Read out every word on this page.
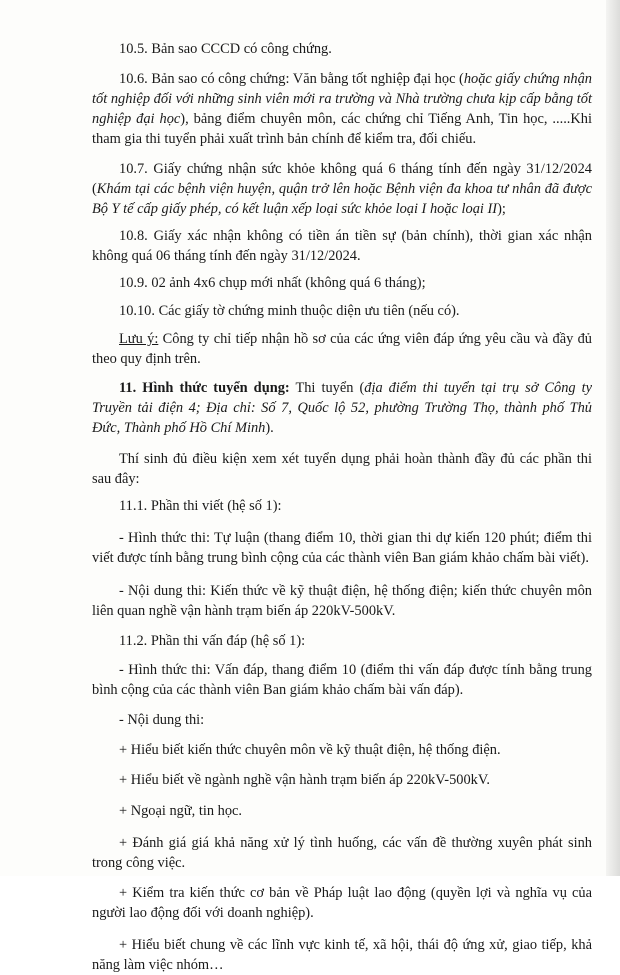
10.5. Bản sao CCCD có công chứng.

10.6. Bản sao có công chứng: Văn bằng tốt nghiệp đại học (hoặc giấy chứng nhận tốt nghiệp đối với những sinh viên mới ra trường và Nhà trường chưa kịp cấp bằng tốt nghiệp đại học), bảng điểm chuyên môn, các chứng chỉ Tiếng Anh, Tin học, .....Khi tham gia thi tuyển phải xuất trình bản chính để kiểm tra, đối chiếu.

10.7. Giấy chứng nhận sức khỏe không quá 6 tháng tính đến ngày 31/12/2024 (Khám tại các bệnh viện huyện, quận trở lên hoặc Bệnh viện đa khoa tư nhân đã được Bộ Y tế cấp giấy phép, có kết luận xếp loại sức khỏe loại I hoặc loại II);

10.8. Giấy xác nhận không có tiền án tiền sự (bản chính), thời gian xác nhận không quá 06 tháng tính đến ngày 31/12/2024.

10.9. 02 ảnh 4x6 chụp mới nhất (không quá 6 tháng);

10.10. Các giấy tờ chứng minh thuộc diện ưu tiên (nếu có).

Lưu ý: Công ty chỉ tiếp nhận hồ sơ của các ứng viên đáp ứng yêu cầu và đầy đủ theo quy định trên.

11. Hình thức tuyển dụng: Thi tuyển (địa điểm thi tuyển tại trụ sở Công ty Truyền tải điện 4; Địa chỉ: Số 7, Quốc lộ 52, phường Trường Thọ, thành phố Thủ Đức, Thành phố Hồ Chí Minh).

Thí sinh đủ điều kiện xem xét tuyển dụng phải hoàn thành đầy đủ các phần thi sau đây:

11.1. Phần thi viết (hệ số 1):

- Hình thức thi: Tự luận (thang điểm 10, thời gian thi dự kiến 120 phút; điểm thi viết được tính bằng trung bình cộng của các thành viên Ban giám khảo chấm bài viết).

- Nội dung thi: Kiến thức về kỹ thuật điện, hệ thống điện; kiến thức chuyên môn liên quan nghề vận hành trạm biến áp 220kV-500kV.

11.2. Phần thi vấn đáp (hệ số 1):

- Hình thức thi: Vấn đáp, thang điểm 10 (điểm thi vấn đáp được tính bằng trung bình cộng của các thành viên Ban giám khảo chấm bài vấn đáp).

- Nội dung thi:

+ Hiểu biết kiến thức chuyên môn về kỹ thuật điện, hệ thống điện.

+ Hiểu biết về ngành nghề vận hành trạm biến áp 220kV-500kV.

+ Ngoại ngữ, tin học.

+ Đánh giá giá khả năng xử lý tình huống, các vấn đề thường xuyên phát sinh trong công việc.

+ Kiểm tra kiến thức cơ bản về Pháp luật lao động (quyền lợi và nghĩa vụ của người lao động đối với doanh nghiệp).

+ Hiểu biết chung về các lĩnh vực kinh tế, xã hội, thái độ ứng xử, giao tiếp, khả năng làm việc nhóm…
